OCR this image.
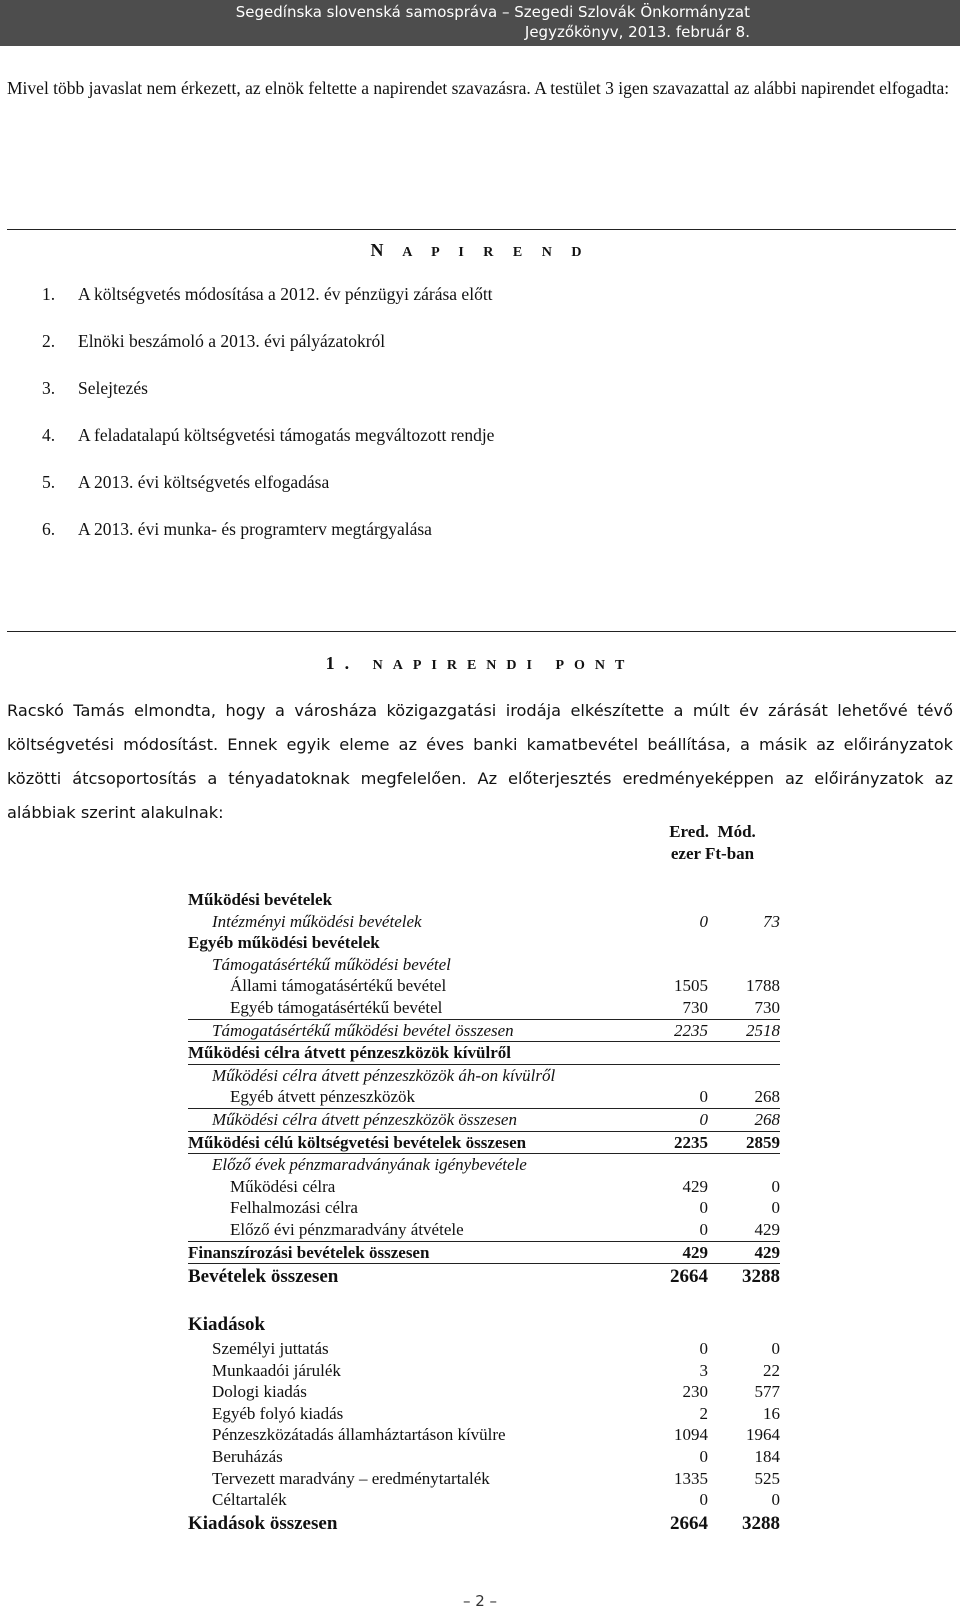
Segedínska slovenská samospráva – Szegedi Szlovák Önkormányzat
Jegyzőkönyv, 2013. február 8.
Mivel több javaslat nem érkezett, az elnök feltette a napirendet szavazásra. A testület 3 igen szavazattal az alábbi napirendet elfogadta:
N A P I R E N D
1.	A költségvetés módosítása a 2012. év pénzügyi zárása előtt
2.	Elnöki beszámoló a 2013. évi pályázatokról
3.	Selejtezés
4.	A feladatalapú költségvetési támogatás megváltozott rendje
5.	A 2013. évi költségvetés elfogadása
6.	A 2013. évi munka- és programterv megtárgyalása
1. NAPIRENDI PONT
Racskó Tamás elmondta, hogy a városháza közigazgatási irodája elkészítette a múlt év zárását lehetővé tévő költségvetési módosítást. Ennek egyik eleme az éves banki kamatbevétel beállítása, a másik az előirányzatok közötti átcsoportosítás a tényadatoknak megfelelően. Az előterjesztés eredményeképpen az előirányzatok az alábbiak szerint alakulnak:
Ered. Mód.
ezer Ft-ban
Működési bevételek
Intézményi működési bevételek	0	73
Egyéb működési bevételek
Támogatásértékű működési bevétel
Állami támogatásértékű bevétel	1505 1788
Egyéb támogatásértékű bevétel	730	730
Támogatásértékű működési bevétel összesen	2235 2518
Működési célra átvett pénzeszközök kívülről
Működési célra átvett pénzeszközök áh-on kívülről
Egyéb átvett pénzeszközök	0	268
Működési célra átvett pénzeszközök összesen	0	268
Működési célú költségvetési bevételek összesen	2235 2859
Előző évek pénzmaradványának igénybevétele
Működési célra	429	0
Felhalmozási célra	0	0
Előző évi pénzmaradvány átvétele	0	429
Finanszírozási bevételek összesen	429	429
Bevételek összesen	2664 3288
Kiadások
Személyi juttatás	0	0
Munkaadói járulék	3	22
Dologi kiadás	230	577
Egyéb folyó kiadás	2	16
Pénzeszközátadás államháztartáson kívülre	1094 1964
Beruházás	0	184
Tervezett maradvány – eredménytartalék	1335	525
Céltartalék	0	0
Kiadások összesen	2664 3288
– 2 –
